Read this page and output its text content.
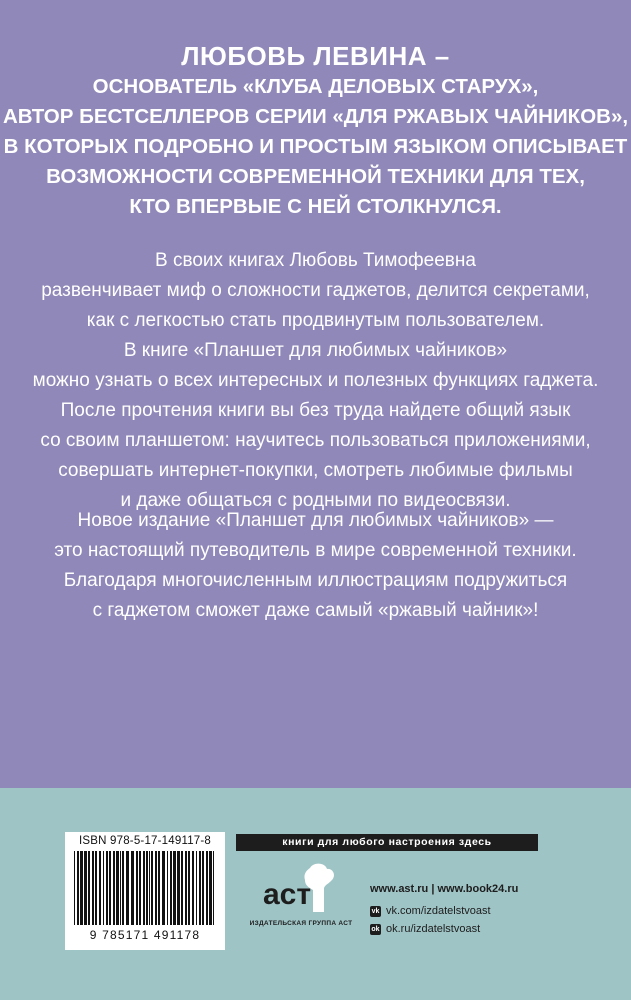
ЛЮБОВЬ ЛЕВИНА –
ОСНОВАТЕЛЬ «КЛУБА ДЕЛОВЫХ СТАРУХ»,
АВТОР БЕСТСЕЛЛЕРОВ СЕРИИ «ДЛЯ РЖАВЫХ ЧАЙНИКОВ»,
В КОТОРЫХ ПОДРОБНО И ПРОСТЫМ ЯЗЫКОМ ОПИСЫВАЕТ
ВОЗМОЖНОСТИ СОВРЕМЕННОЙ ТЕХНИКИ ДЛЯ ТЕХ,
КТО ВПЕРВЫЕ С НЕЙ СТОЛКНУЛСЯ.
В своих книгах Любовь Тимофеевна
развенчивает миф о сложности гаджетов, делится секретами,
как с легкостью стать продвинутым пользователем.
В книге «Планшет для любимых чайников»
можно узнать о всех интересных и полезных функциях гаджета.
После прочтения книги вы без труда найдете общий язык
со своим планшетом: научитесь пользоваться приложениями,
совершать интернет-покупки, смотреть любимые фильмы
и даже общаться с родными по видеосвязи.
Новое издание «Планшет для любимых чайников» —
это настоящий путеводитель в мире современной техники.
Благодаря многочисленным иллюстрациям подружиться
с гаджетом сможет даже самый «ржавый чайник»!
ISBN 978-5-17-149117-8
9 785171 491178
книги для любого настроения здесь
аст
ИЗДАТЕЛЬСКАЯ ГРУППА АСТ
www.ast.ru | www.book24.ru
vk vk.com/izdatelstvoast
ok ok.ru/izdatelstvoast
